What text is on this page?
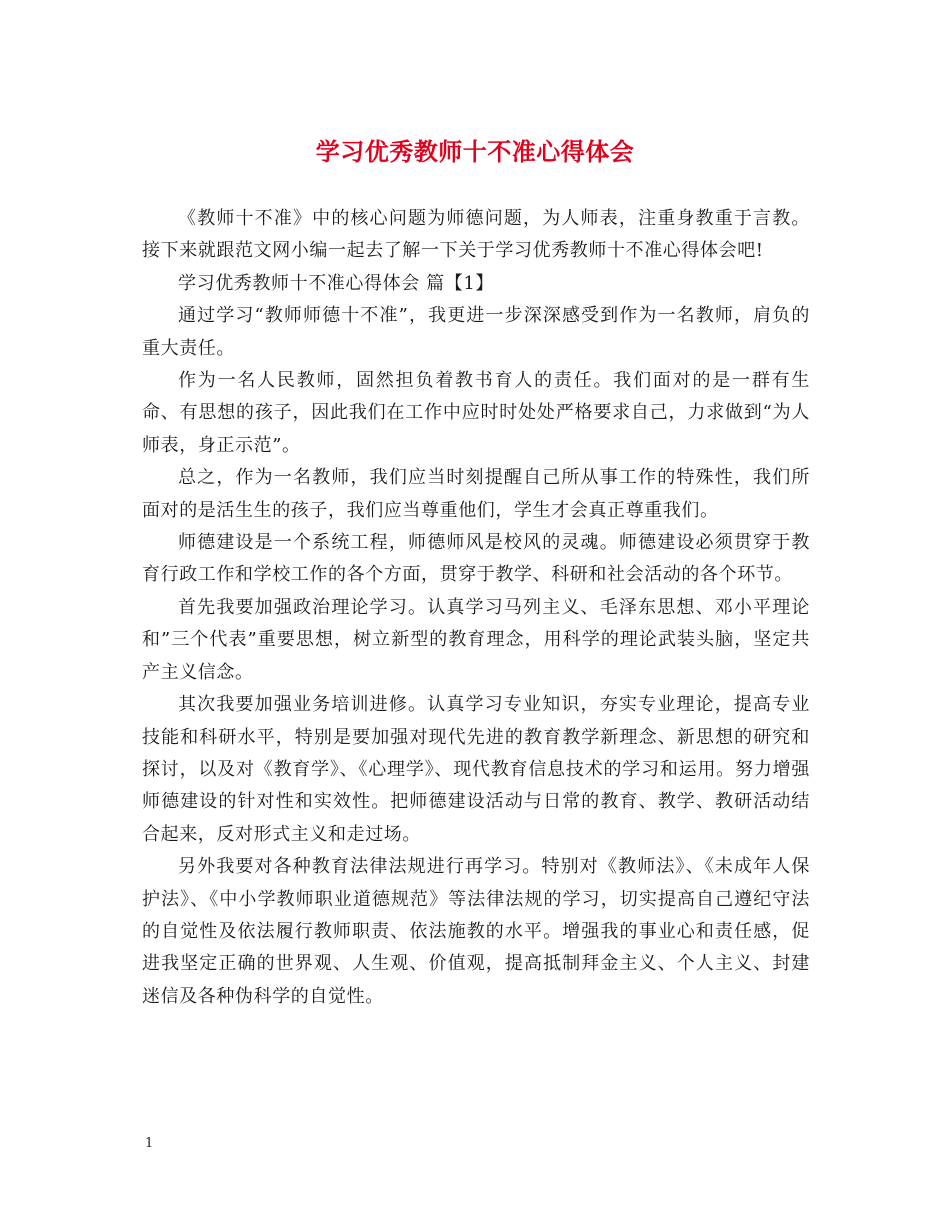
学习优秀教师十不准心得体会

《教师十不准》中的核心问题为师德问题，为人师表，注重身教重于言教。接下来就跟范文网小编一起去了解一下关于学习优秀教师十不准心得体会吧!

学习优秀教师十不准心得体会 篇【1】

通过学习“教师师德十不准”，我更进一步深深感受到作为一名教师，肩负的重大责任。

作为一名人民教师，固然担负着教书育人的责任。我们面对的是一群有生命、有思想的孩子，因此我们在工作中应时时处处严格要求自己，力求做到“为人师表，身正示范”。

总之，作为一名教师，我们应当时刻提醒自己所从事工作的特殊性，我们所面对的是活生生的孩子，我们应当尊重他们，学生才会真正尊重我们。

师德建设是一个系统工程，师德师风是校风的灵魂。师德建设必须贯穿于教育行政工作和学校工作的各个方面，贯穿于教学、科研和社会活动的各个环节。

首先我要加强政治理论学习。认真学习马列主义、毛泽东思想、邓小平理论和”三个代表”重要思想，树立新型的教育理念，用科学的理论武装头脑，坚定共产主义信念。

其次我要加强业务培训进修。认真学习专业知识，夯实专业理论，提高专业技能和科研水平，特别是要加强对现代先进的教育教学新理念、新思想的研究和探讨，以及对《教育学》、《心理学》、现代教育信息技术的学习和运用。努力增强师德建设的针对性和实效性。把师德建设活动与日常的教育、教学、教研活动结合起来，反对形式主义和走过场。

另外我要对各种教育法律法规进行再学习。特别对《教师法》、《未成年人保护法》、《中小学教师职业道德规范》等法律法规的学习，切实提高自己遵纪守法的自觉性及依法履行教师职责、依法施教的水平。增强我的事业心和责任感，促进我坚定正确的世界观、人生观、价值观，提高抵制拜金主义、个人主义、封建迷信及各种伪科学的自觉性。

1
